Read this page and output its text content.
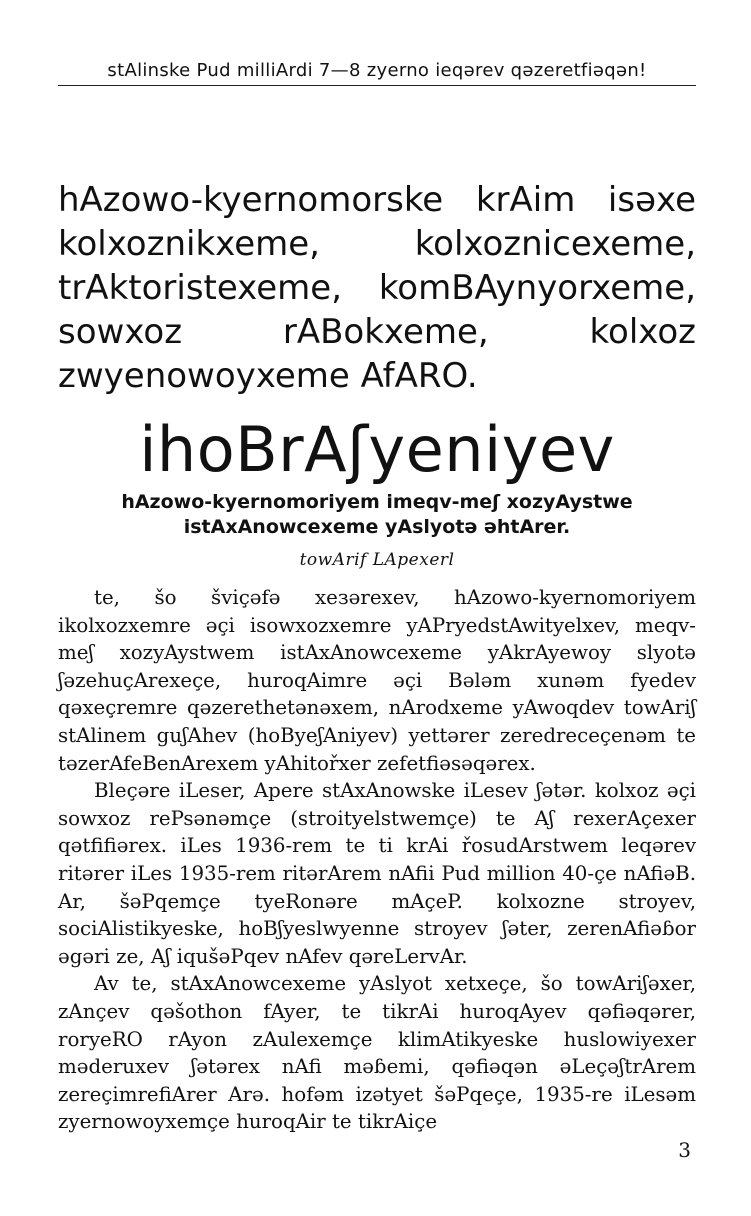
stAlinske Pud milliArdi 7—8 zyerno ieqərev qəzeretfiəqən!
hAzowo-kyernomorske krAim isəxe kolxoznikxeme, kolxoznicexeme, trAktoristexeme, komBAynyorxeme, sowxoz rABokxeme, kolxoz zwyenowoyxeme AfARO.
ihoBrAʃyeniyev
hAzowo-kyernomoriyem imeqv-meʃ xozyAystwe istAxAnowcexeme yAslyotə əhtArer.
towArif LApexerl

te, šo šviçəfə xeзərexev, hAzowo-kyernomoriyem ikolxozxemre əçi isowxozxemre yAPryedstAwityelxev, meqv-meʃ xozyAystwem istAxAnowcexeme yAkrAyewoy slyotə ʃəzehuçArexeçe, huroqAimre əçi Bələm xunəm fyedev qəxeçremre qəzerethetənəxem, nArodxeme yAwoqdev towAriʃ stAlinem guʃAhev (hoByeʃAniyev) yettərer zeredreceçenəm te təzerAfeBenArexem yAhitořxer zefetfiəsəqərex.

Bleçəre iLeser, Apere stAxAnowske iLesev ʃətər. kolxoz əçi sowxoz rePsənəmçe (stroityelstwemçe) te Aʃ rexerAçexer qətfifiərex. iLes 1936-rem te ti krAi řosudArstwem leqərev ritərer iLes 1935-rem ritərArem nAfii Pud million 40-çe nAfiəB. Ar, šəPqemçe tyeRonəre mAçeP. kolxozne stroyev, sociAlistikyeske, hoBʃyeslwyenne stroyev ʃəter, zerenAfiəɓor əgəri ze, Aʃ iqušəPqev nAfev qəreLervAr.

Av te, stAxAnowcexeme yAslyot xetxeçe, šo towAriʃəxer, zAnçev qəšothon fAyer, te tikrAi huroqAyev qəfiəqərer, roryeRO rAyon zAulexemçe klimAtikyeske huslowiyexer məderuxev ʃətərex nAfi məɓemi, qəfiəqən əLeçəʃtrArem zereçimrefiArer Arə. hofəm izətyet šəPqeçe, 1935-re iLesəm zyernowoyxemçe huroqAir te tikrAiçe

3
